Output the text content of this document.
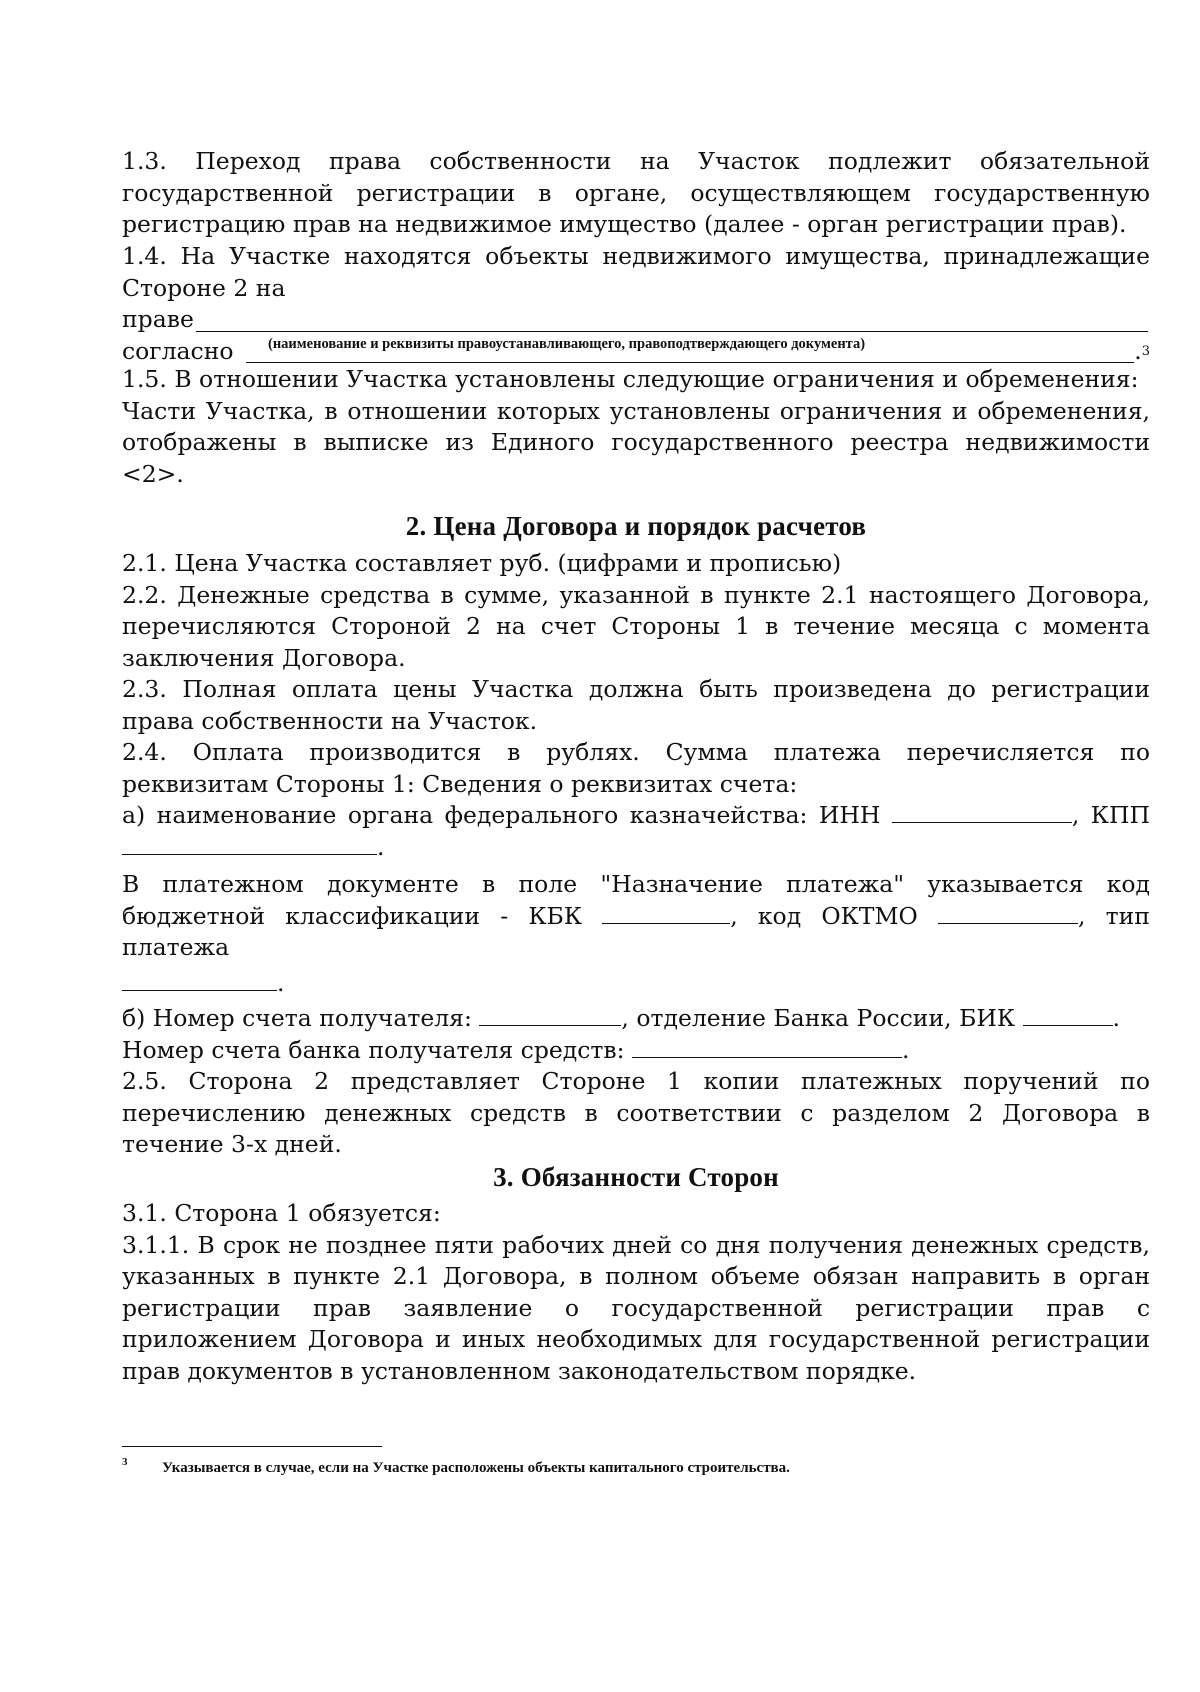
1.3. Переход права собственности на Участок подлежит обязательной государственной регистрации в органе, осуществляющем государственную регистрацию прав на недвижимое имущество (далее - орган регистрации прав).

1.4. На Участке находятся объекты недвижимого имущества, принадлежащие Стороне 2 на

праве
согласно	. 3
(наименование и реквизиты правоустанавливающего, правоподтверждающего документа)

1.5. В отношении Участка установлены следующие ограничения и обременения:

Части Участка, в отношении которых установлены ограничения и обременения, отображены в выписке из Единого государственного реестра недвижимости <2>.

2. Цена Договора и порядок расчетов

2.1. Цена Участка составляет руб. (цифрами и прописью)

2.2. Денежные средства в сумме, указанной в пункте 2.1 настоящего Договора, перечисляются Стороной 2 на счет Стороны 1 в течение месяца с момента заключения Договора.

2.3. Полная оплата цены Участка должна быть произведена до регистрации права собственности на Участок.

2.4. Оплата производится в рублях. Сумма платежа перечисляется по реквизитам Стороны 1: Сведения о реквизитах счета:

а) наименование органа федерального казначейства: ИНН	, КПП
.
В платежном документе в поле "Назначение платежа" указывается код бюджетной классификации - КБК	, код ОКТМО	, тип платежа
.
б) Номер счета получателя:	, отделение Банка России, БИК	.
Номер счета банка получателя средств:	.

2.5. Сторона 2 представляет Стороне 1 копии платежных поручений по перечислению денежных средств в соответствии с разделом 2 Договора в течение 3-х дней.

3. Обязанности Сторон

3.1. Сторона 1 обязуется:

3.1.1. В срок не позднее пяти рабочих дней со дня получения денежных средств, указанных в пункте 2.1 Договора, в полном объеме обязан направить в орган регистрации прав заявление о государственной регистрации прав с приложением Договора и иных необходимых для государственной регистрации прав документов в установленном законодательством порядке.

3 Указывается в случае, если на Участке расположены объекты капитального строительства.
